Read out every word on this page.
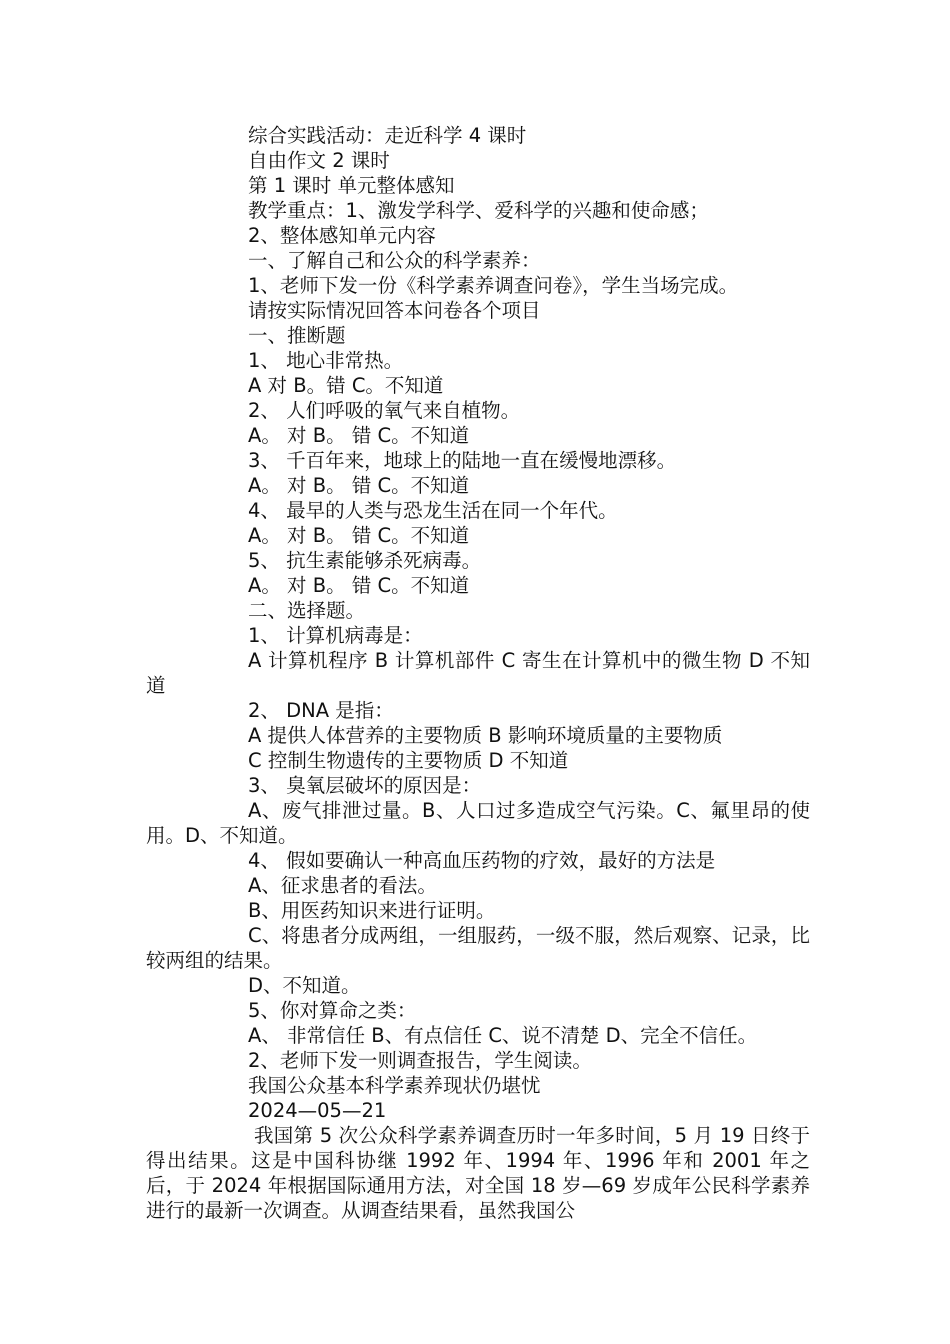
综合实践活动：走近科学 4 课时
自由作文 2 课时
第 1 课时 单元整体感知
教学重点：1、激发学科学、爱科学的兴趣和使命感；
2、整体感知单元内容
一、了解自己和公众的科学素养：
1、老师下发一份《科学素养调查问卷》，学生当场完成。
请按实际情况回答本问卷各个项目
一、推断题
1、 地心非常热。
A 对 B。错 C。不知道
2、 人们呼吸的氧气来自植物。
A。 对 B。 错 C。不知道
3、 千百年来，地球上的陆地一直在缓慢地漂移。
A。 对 B。 错 C。不知道
4、 最早的人类与恐龙生活在同一个年代。
A。 对 B。 错 C。不知道
5、 抗生素能够杀死病毒。
A。 对 B。 错 C。不知道
二、选择题。
1、 计算机病毒是：
A 计算机程序 B 计算机部件 C 寄生在计算机中的微生物 D 不知道
2、 DNA 是指：
A 提供人体营养的主要物质 B 影响环境质量的主要物质
C 控制生物遗传的主要物质 D 不知道
3、 臭氧层破坏的原因是：
A、废气排泄过量。B、人口过多造成空气污染。C、氟里昂的使用。D、不知道。
4、 假如要确认一种高血压药物的疗效，最好的方法是
A、征求患者的看法。
B、用医药知识来进行证明。
C、将患者分成两组，一组服药，一级不服，然后观察、记录，比较两组的结果。
D、不知道。
5、你对算命之类：
A、 非常信任 B、有点信任 C、说不清楚 D、完全不信任。
2、老师下发一则调查报告，学生阅读。
我国公众基本科学素养现状仍堪忧
2024—05—21
我国第 5 次公众科学素养调查历时一年多时间，5 月 19 日终于得出结果。这是中国科协继 1992 年、1994 年、1996 年和 2001 年之后，于 2024 年根据国际通用方法，对全国 18 岁—69 岁成年公民科学素养进行的最新一次调查。从调查结果看，虽然我国公
